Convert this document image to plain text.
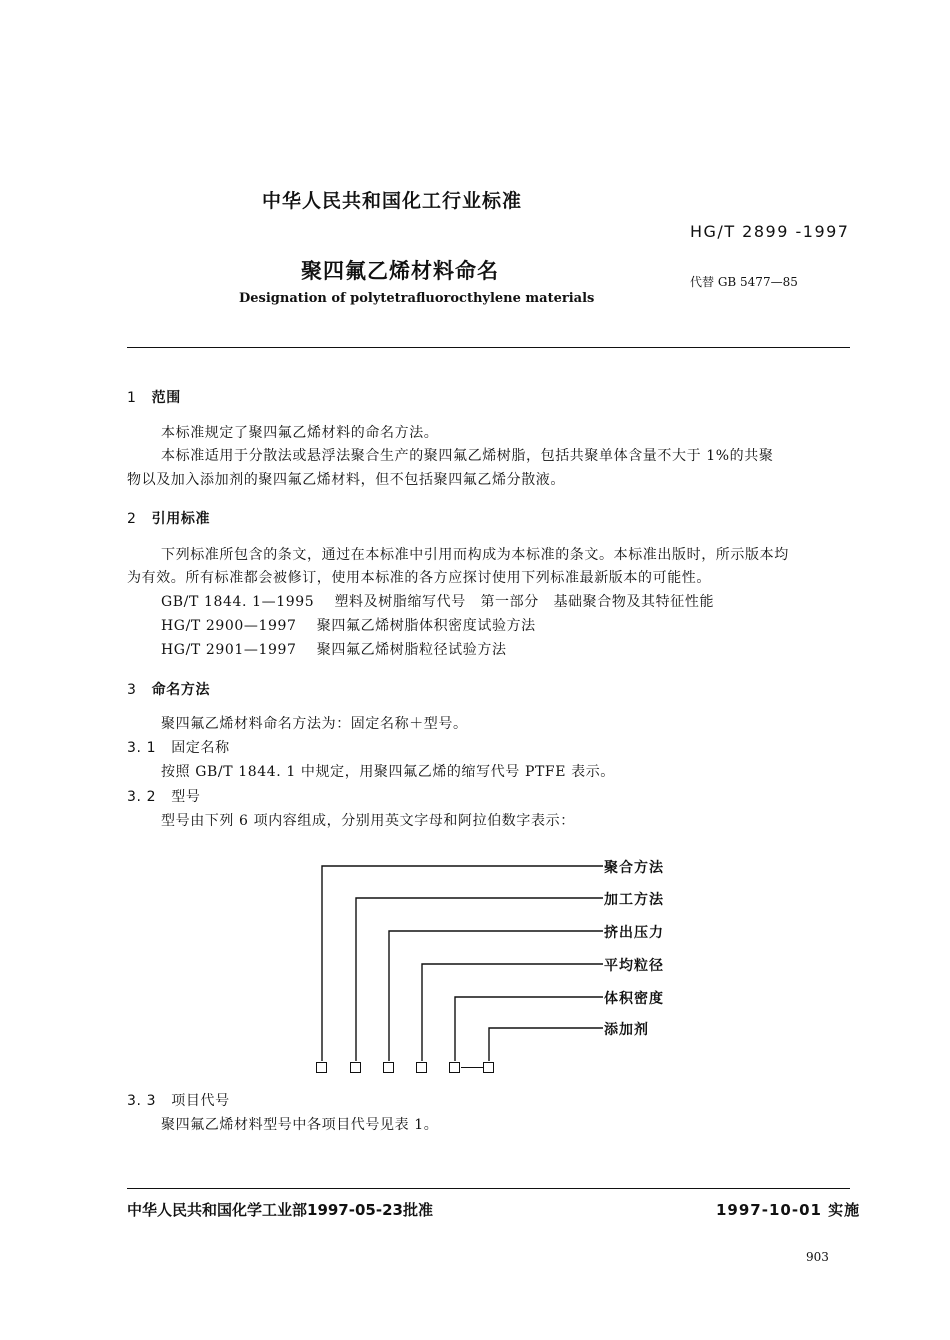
中华人民共和国化工行业标准
HG/T 2899 -1997
聚四氟乙烯材料命名	代替 GB 5477—85
Designation of polytetrafluorocthylene materials
1 范围
本标准规定了聚四氟乙烯材料的命名方法。
本标准适用于分散法或悬浮法聚合生产的聚四氟乙烯树脂，包括共聚单体含量不大于 1%的共聚
物以及加入添加剂的聚四氟乙烯材料，但不包括聚四氟乙烯分散液。
2 引用标准
下列标准所包含的条文，通过在本标准中引用而构成为本标准的条文。本标准出版时，所示版本均
为有效。所有标准都会被修订，使用本标准的各方应探讨使用下列标准最新版本的可能性。
GB/T 1844. 1—1995 塑料及树脂缩写代号　第一部分　基础聚合物及其特征性能
HG/T 2900—1997 聚四氟乙烯树脂体积密度试验方法
HG/T 2901—1997 聚四氟乙烯树脂粒径试验方法
3 命名方法
聚四氟乙烯材料命名方法为：固定名称＋型号。
3. 1 固定名称
按照 GB/T 1844. 1 中规定，用聚四氟乙烯的缩写代号 PTFE 表示。
3. 2 型号
型号由下列 6 项内容组成，分别用英文字母和阿拉伯数字表示：
聚合方法
加工方法
挤出压力
平均粒径
体积密度
添加剂
3. 3 项目代号
聚四氟乙烯材料型号中各项目代号见表 1。
中华人民共和国化学工业部1997-05-23批准	1997-10-01 实施
903
